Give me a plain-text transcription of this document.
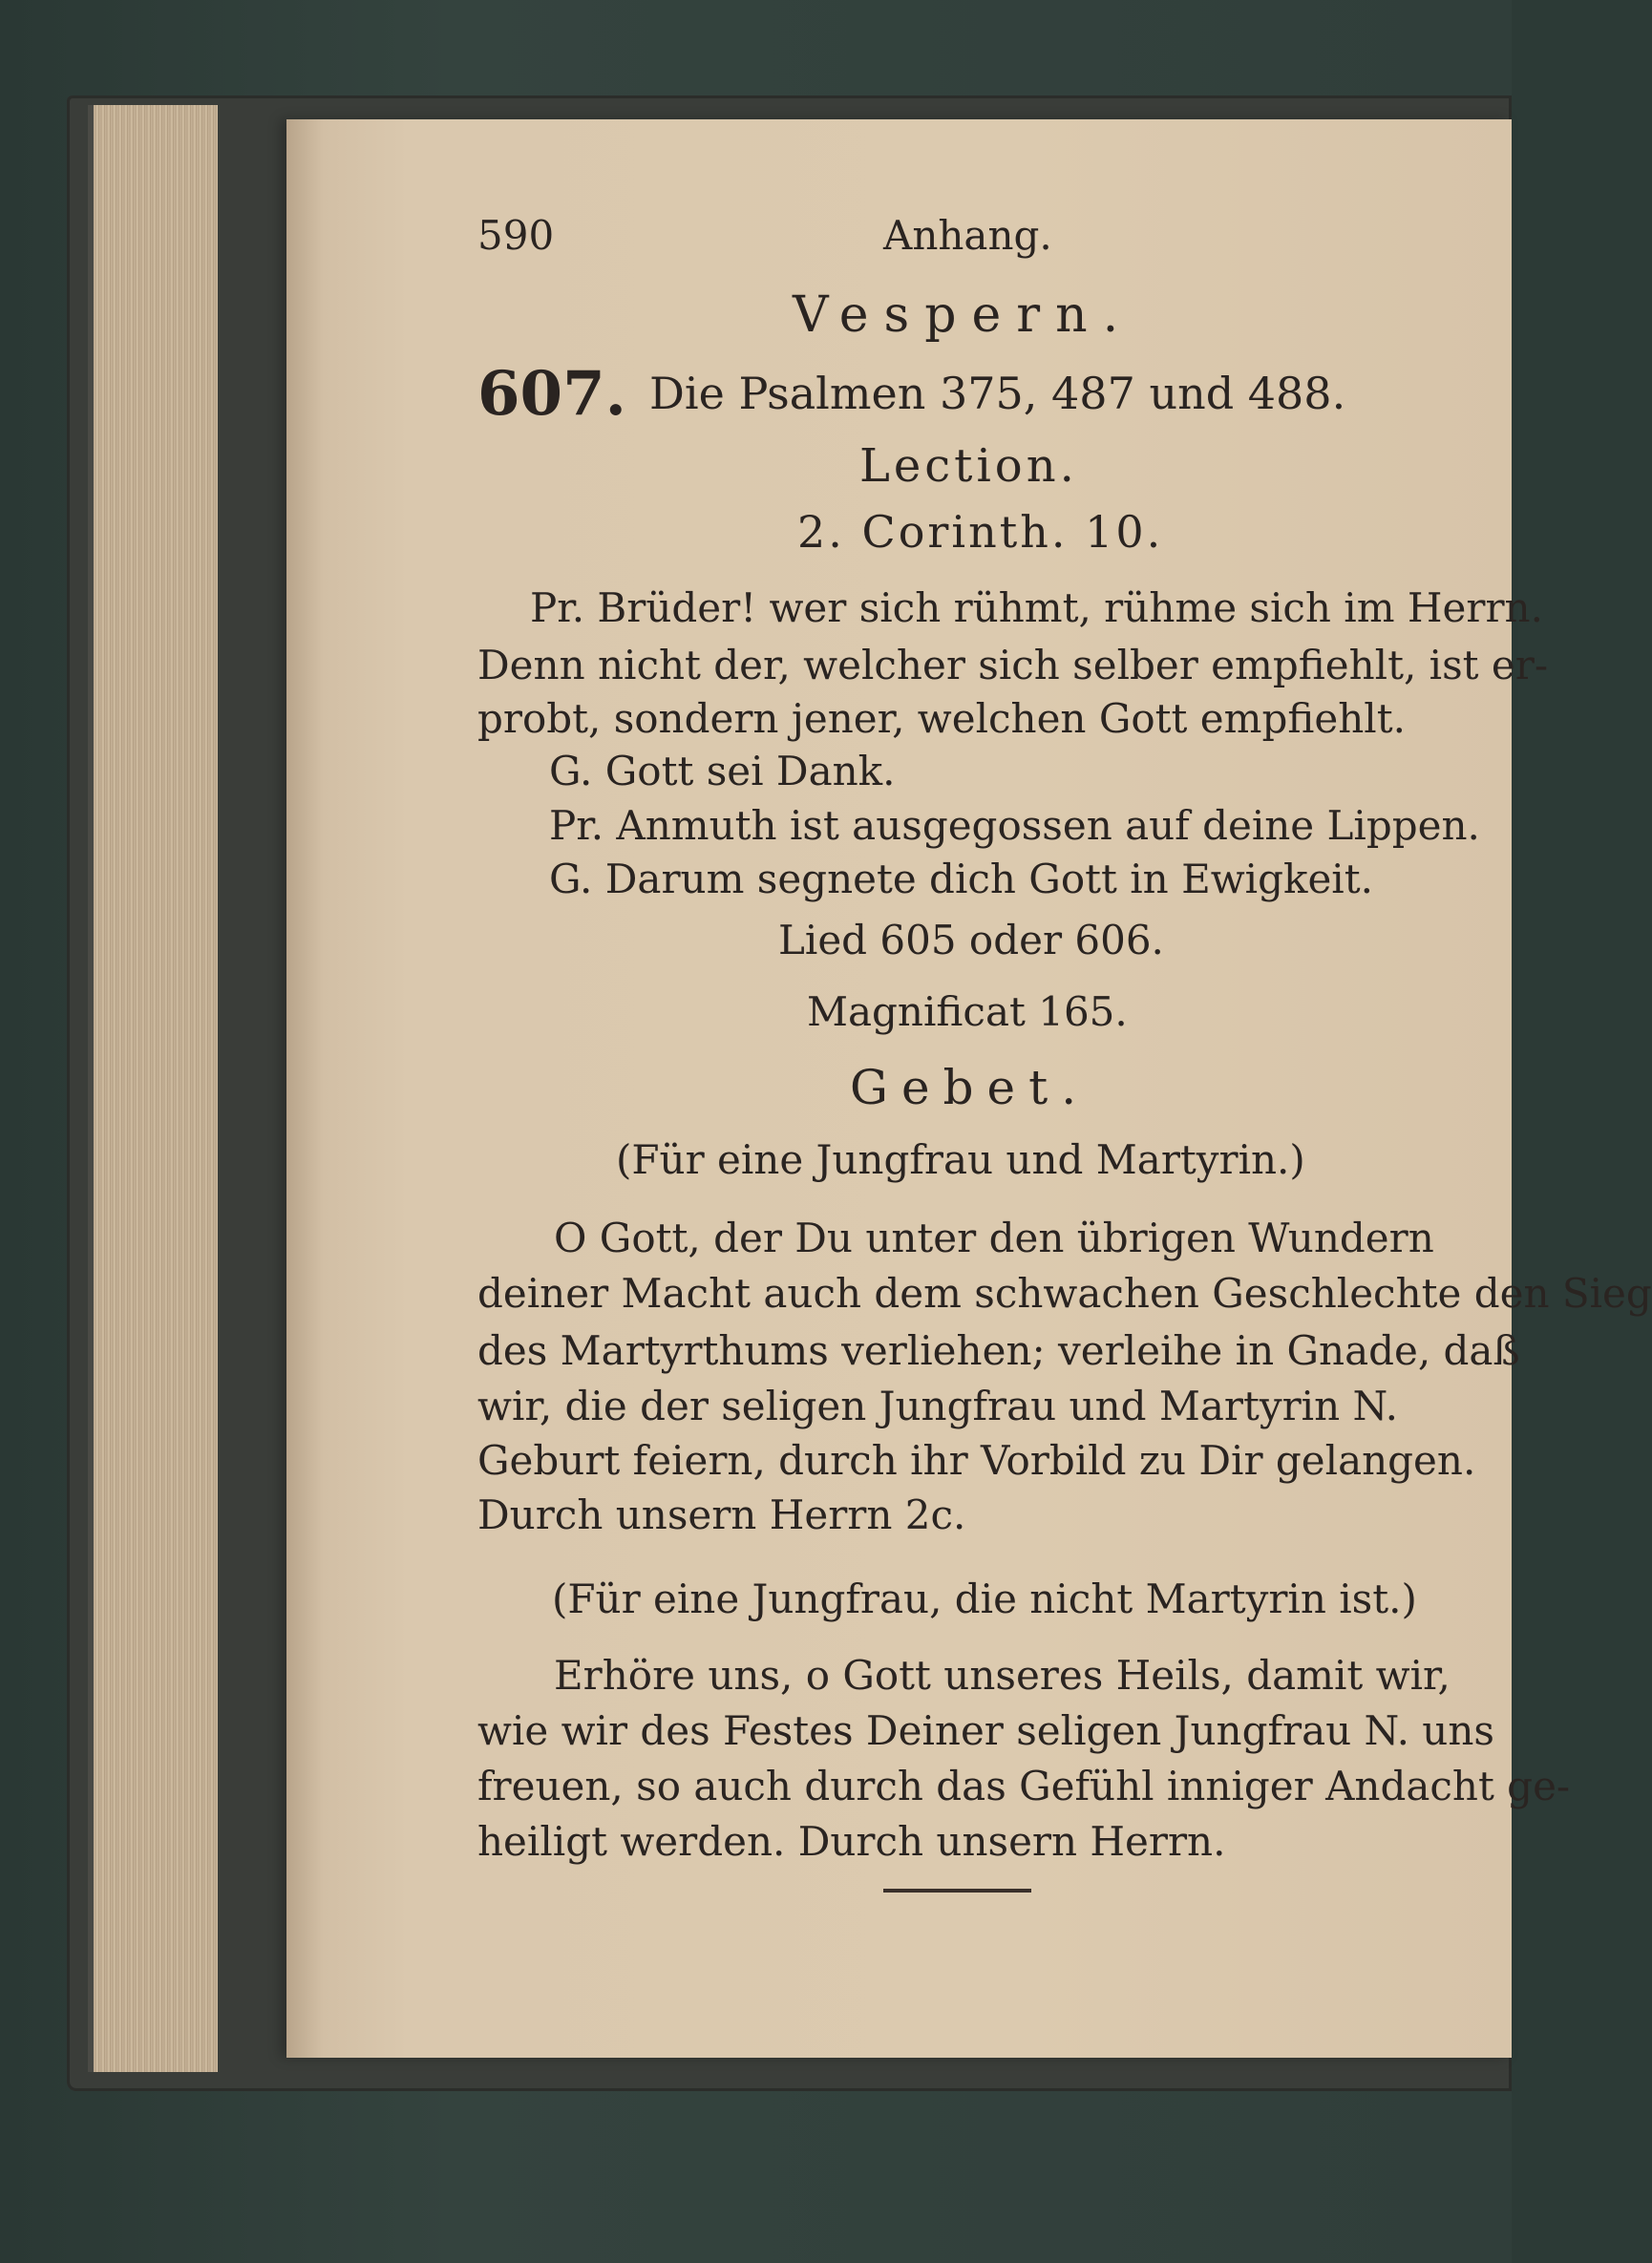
590	Anhang.
Vespern.
607. Die Psalmen 375, 487 und 488.
Lection.
2. Corinth. 10.
Pr. Brüder! wer sich rühmt, rühme sich im Herrn.
Denn nicht der, welcher sich selber empfiehlt, ist er-
probt, sondern jener, welchen Gott empfiehlt.
G. Gott sei Dank.
Pr. Anmuth ist ausgegossen auf deine Lippen.
G. Darum segnete dich Gott in Ewigkeit.
Lied 605 oder 606.
Magnificat 165.
Gebet.
(Für eine Jungfrau und Martyrin.)
O Gott, der Du unter den übrigen Wundern
deiner Macht auch dem schwachen Geschlechte den Sieg
des Martyrthums verliehen; verleihe in Gnade, daß
wir, die der seligen Jungfrau und Martyrin N.
Geburt feiern, durch ihr Vorbild zu Dir gelangen.
Durch unsern Herrn 2c.
(Für eine Jungfrau, die nicht Martyrin ist.)
Erhöre uns, o Gott unseres Heils, damit wir,
wie wir des Festes Deiner seligen Jungfrau N. uns
freuen, so auch durch das Gefühl inniger Andacht ge-
heiligt werden. Durch unsern Herrn.
